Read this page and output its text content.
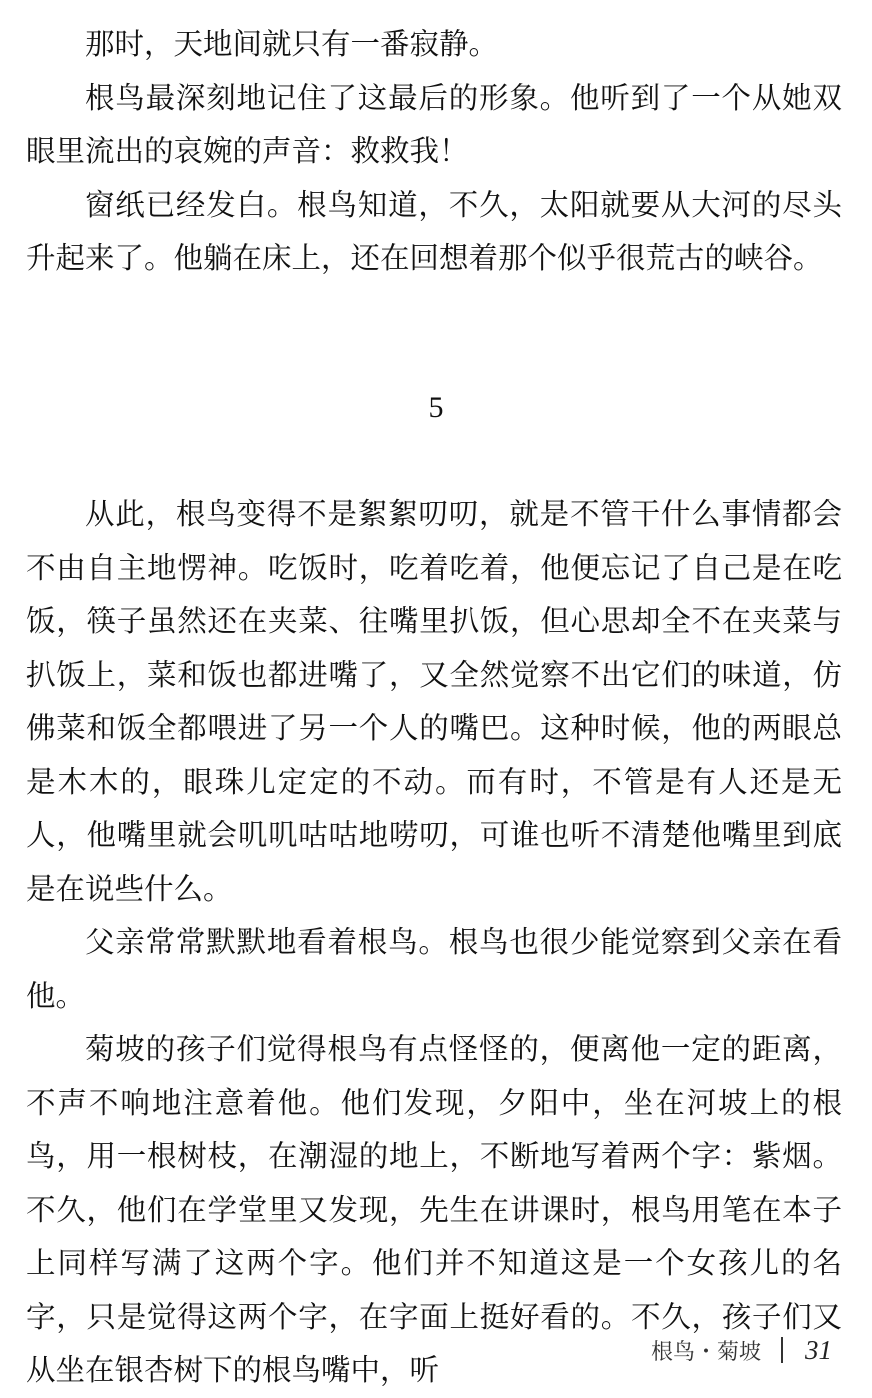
那时，天地间就只有一番寂静。

根鸟最深刻地记住了这最后的形象。他听到了一个从她双眼里流出的哀婉的声音：救救我！

窗纸已经发白。根鸟知道，不久，太阳就要从大河的尽头升起来了。他躺在床上，还在回想着那个似乎很荒古的峡谷。

5

从此，根鸟变得不是絮絮叨叨，就是不管干什么事情都会不由自主地愣神。吃饭时，吃着吃着，他便忘记了自己是在吃饭，筷子虽然还在夹菜、往嘴里扒饭，但心思却全不在夹菜与扒饭上，菜和饭也都进嘴了，又全然觉察不出它们的味道，仿佛菜和饭全都喂进了另一个人的嘴巴。这种时候，他的两眼总是木木的，眼珠儿定定的不动。而有时，不管是有人还是无人，他嘴里就会叽叽咕咕地唠叨，可谁也听不清楚他嘴里到底是在说些什么。

父亲常常默默地看着根鸟。根鸟也很少能觉察到父亲在看他。

菊坡的孩子们觉得根鸟有点怪怪的，便离他一定的距离，不声不响地注意着他。他们发现，夕阳中，坐在河坡上的根鸟，用一根树枝，在潮湿的地上，不断地写着两个字：紫烟。不久，他们在学堂里又发现，先生在讲课时，根鸟用笔在本子上同样写满了这两个字。他们并不知道这是一个女孩儿的名字，只是觉得这两个字，在字面上挺好看的。不久，孩子们又从坐在银杏树下的根鸟嘴中，听

根鸟・菊坡 31
